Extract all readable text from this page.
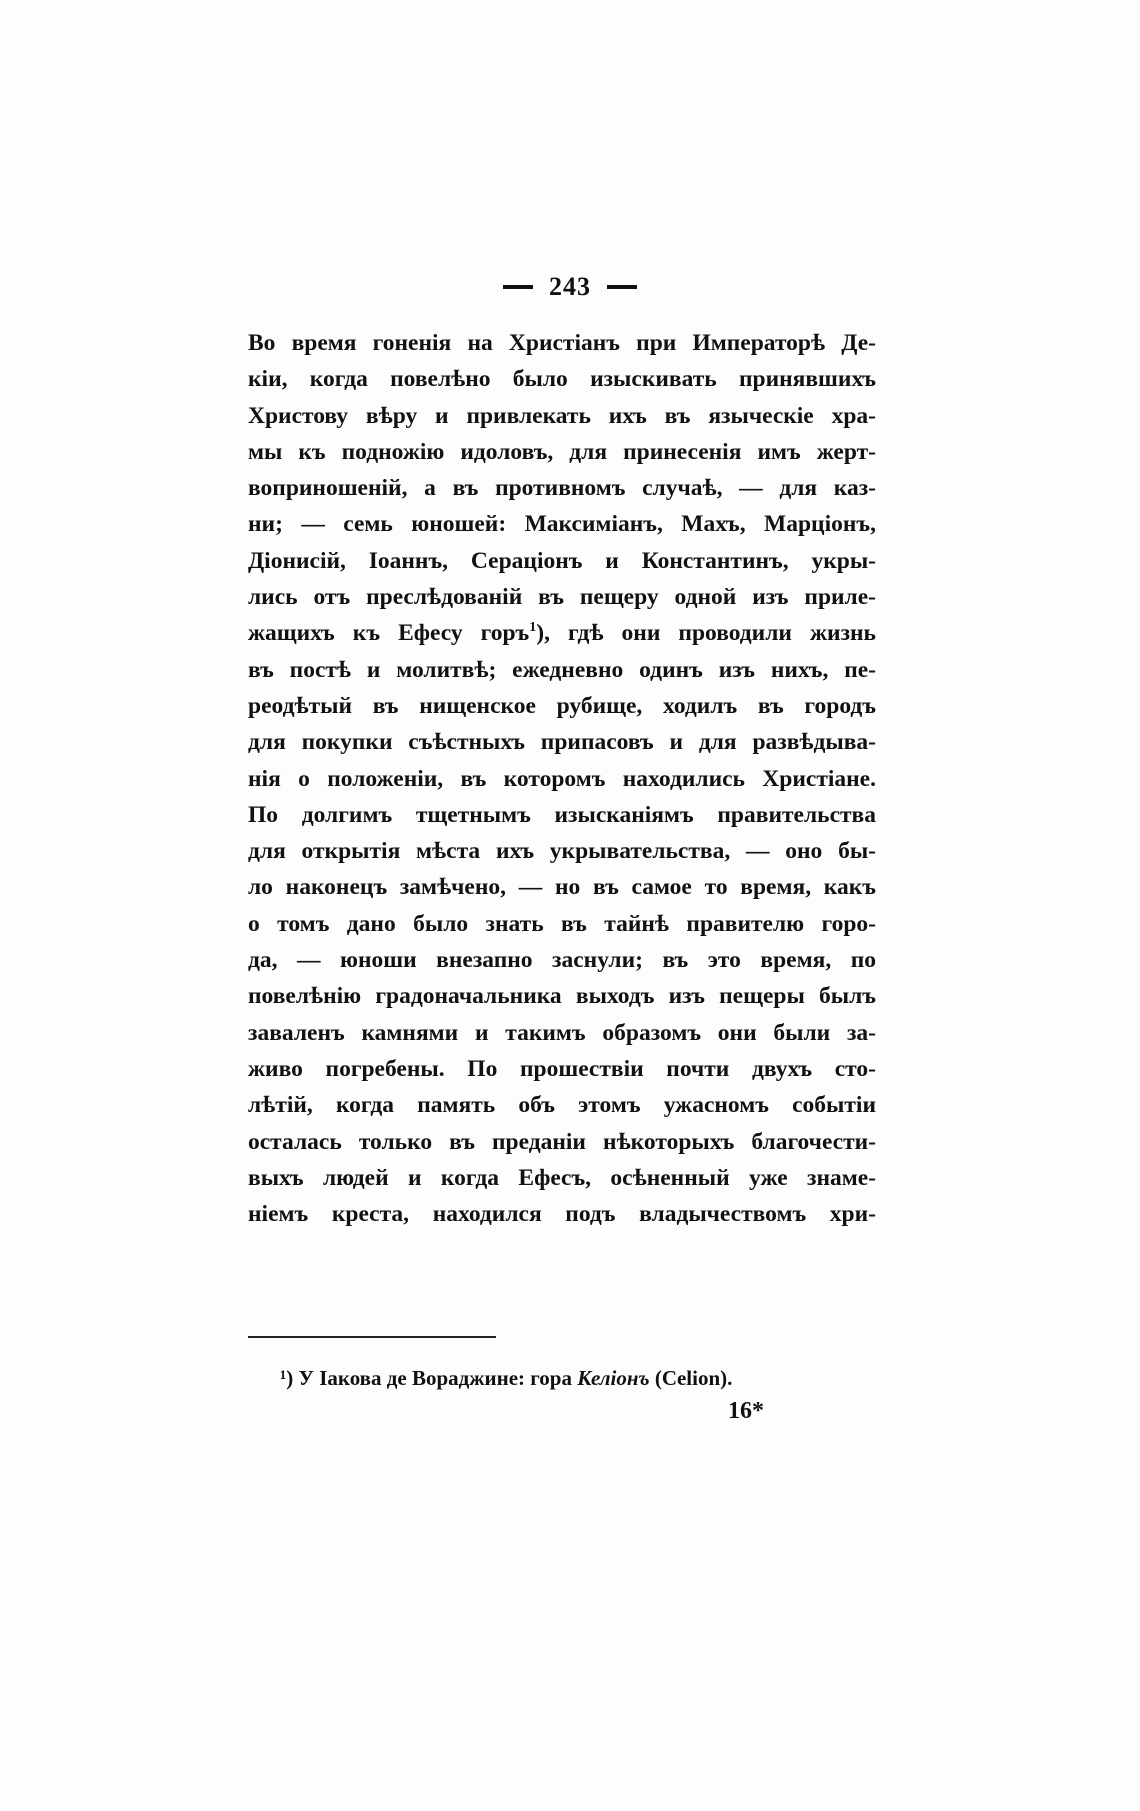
243
Во время гоненія на Христіанъ при Императорѣ Де-
кіи, когда повелѣно было изыскивать принявшихъ
Христову вѣру и привлекать ихъ въ языческіе хра-
мы къ подножію идоловъ, для принесенія имъ жерт-
воприношеній, а въ противномъ случаѣ, — для каз-
ни; — семь юношей: Максиміанъ, Махъ, Марціонъ,
Діонисій, Іоаннъ, Сераціонъ и Константинъ, укры-
лись отъ преслѣдованій въ пещеру одной изъ приле-
жащихъ къ Ефесу горъ$^1$), гдѣ они проводили жизнь
въ постѣ и молитвѣ; ежедневно одинъ изъ нихъ, пе-
реодѣтый въ нищенское рубище, ходилъ въ городъ
для покупки съѣстныхъ припасовъ и для развѣдыва-
нія о положеніи, въ которомъ находились Христіане.
По долгимъ тщетнымъ изысканіямъ правительства
для открытія мѣста ихъ укрывательства, — оно бы-
ло наконецъ замѣчено, — но въ самое то время, какъ
о томъ дано было знать въ тайнѣ правителю горо-
да, — юноши внезапно заснули; въ это время, по
повелѣнію градоначальника выходъ изъ пещеры былъ
заваленъ камнями и такимъ образомъ они были за-
живо погребены. По прошествіи почти двухъ сто-
лѣтій, когда память объ этомъ ужасномъ событіи
осталась только въ преданіи нѣкоторыхъ благочести-
выхъ людей и когда Ефесъ, осѣненный уже знаме-
ніемъ креста, находился подъ владычествомъ хри-
¹) У Іакова де Ворaджине: гора Келіонъ (Celion).
16*
